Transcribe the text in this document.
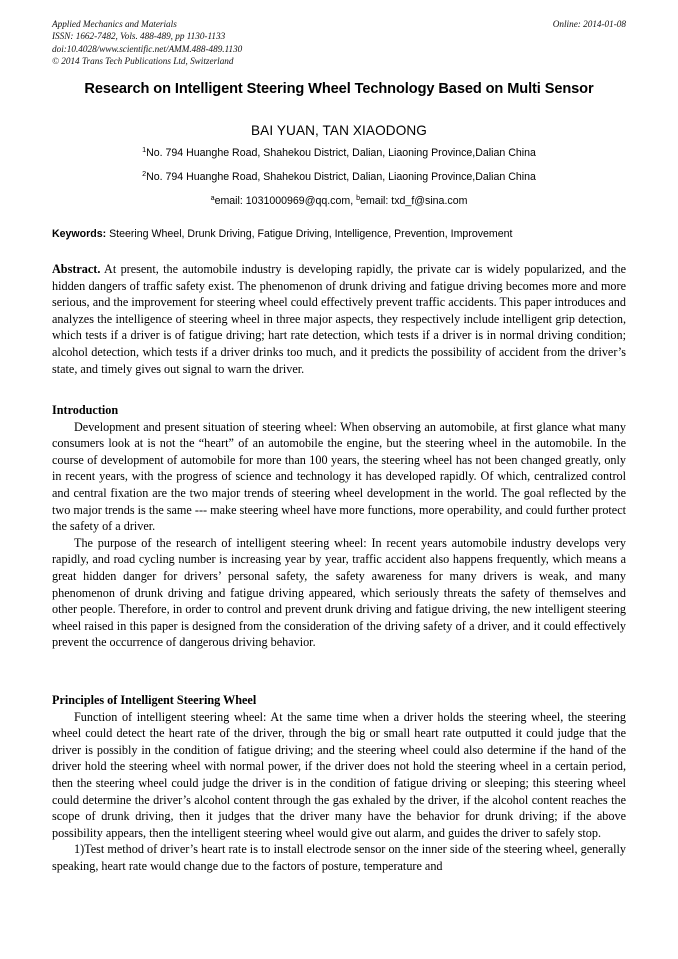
Applied Mechanics and Materials
ISSN: 1662-7482, Vols. 488-489, pp 1130-1133
doi:10.4028/www.scientific.net/AMM.488-489.1130
© 2014 Trans Tech Publications Ltd, Switzerland
Online: 2014-01-08
Research on Intelligent Steering Wheel Technology Based on Multi Sensor
BAI YUAN, TAN XIAODONG
$^1$No. 794 Huanghe Road, Shahekou District, Dalian, Liaoning Province,Dalian China
$^2$No. 794 Huanghe Road, Shahekou District, Dalian, Liaoning Province,Dalian China
$^a$email: 1031000969@qq.com, $^b$email: txd_f@sina.com
Keywords: Steering Wheel, Drunk Driving, Fatigue Driving, Intelligence, Prevention, Improvement
Abstract. At present, the automobile industry is developing rapidly, the private car is widely popularized, and the hidden dangers of traffic safety exist. The phenomenon of drunk driving and fatigue driving becomes more and more serious, and the improvement for steering wheel could effectively prevent traffic accidents. This paper introduces and analyzes the intelligence of steering wheel in three major aspects, they respectively include intelligent grip detection, which tests if a driver is of fatigue driving; hart rate detection, which tests if a driver is in normal driving condition; alcohol detection, which tests if a driver drinks too much, and it predicts the possibility of accident from the driver’s state, and timely gives out signal to warn the driver.
Introduction

Development and present situation of steering wheel: When observing an automobile, at first glance what many consumers look at is not the “heart” of an automobile the engine, but the steering wheel in the automobile. In the course of development of automobile for more than 100 years, the steering wheel has not been changed greatly, only in recent years, with the progress of science and technology it has developed rapidly. Of which, centralized control and central fixation are the two major trends of steering wheel development in the world. The goal reflected by the two major trends is the same --- make steering wheel have more functions, more operability, and could further protect the safety of a driver.

The purpose of the research of intelligent steering wheel: In recent years automobile industry develops very rapidly, and road cycling number is increasing year by year, traffic accident also happens frequently, which means a great hidden danger for drivers’ personal safety, the safety awareness for many drivers is weak, and many phenomenon of drunk driving and fatigue driving appeared, which seriously threats the safety of themselves and other people. Therefore, in order to control and prevent drunk driving and fatigue driving, the new intelligent steering wheel raised in this paper is designed from the consideration of the driving safety of a driver, and it could effectively prevent the occurrence of dangerous driving behavior.

Principles of Intelligent Steering Wheel

Function of intelligent steering wheel: At the same time when a driver holds the steering wheel, the steering wheel could detect the heart rate of the driver, through the big or small heart rate outputted it could judge that the driver is possibly in the condition of fatigue driving; and the steering wheel could also determine if the hand of the driver hold the steering wheel with normal power, if the driver does not hold the steering wheel in a certain period, then the steering wheel could judge the driver is in the condition of fatigue driving or sleeping; this steering wheel could determine the driver’s alcohol content through the gas exhaled by the driver, if the alcohol content reaches the scope of drunk driving, then it judges that the driver many have the behavior for drunk driving; if the above possibility appears, then the intelligent steering wheel would give out alarm, and guides the driver to safely stop.

1)Test method of driver’s heart rate is to install electrode sensor on the inner side of the steering wheel, generally speaking, heart rate would change due to the factors of posture, temperature and
